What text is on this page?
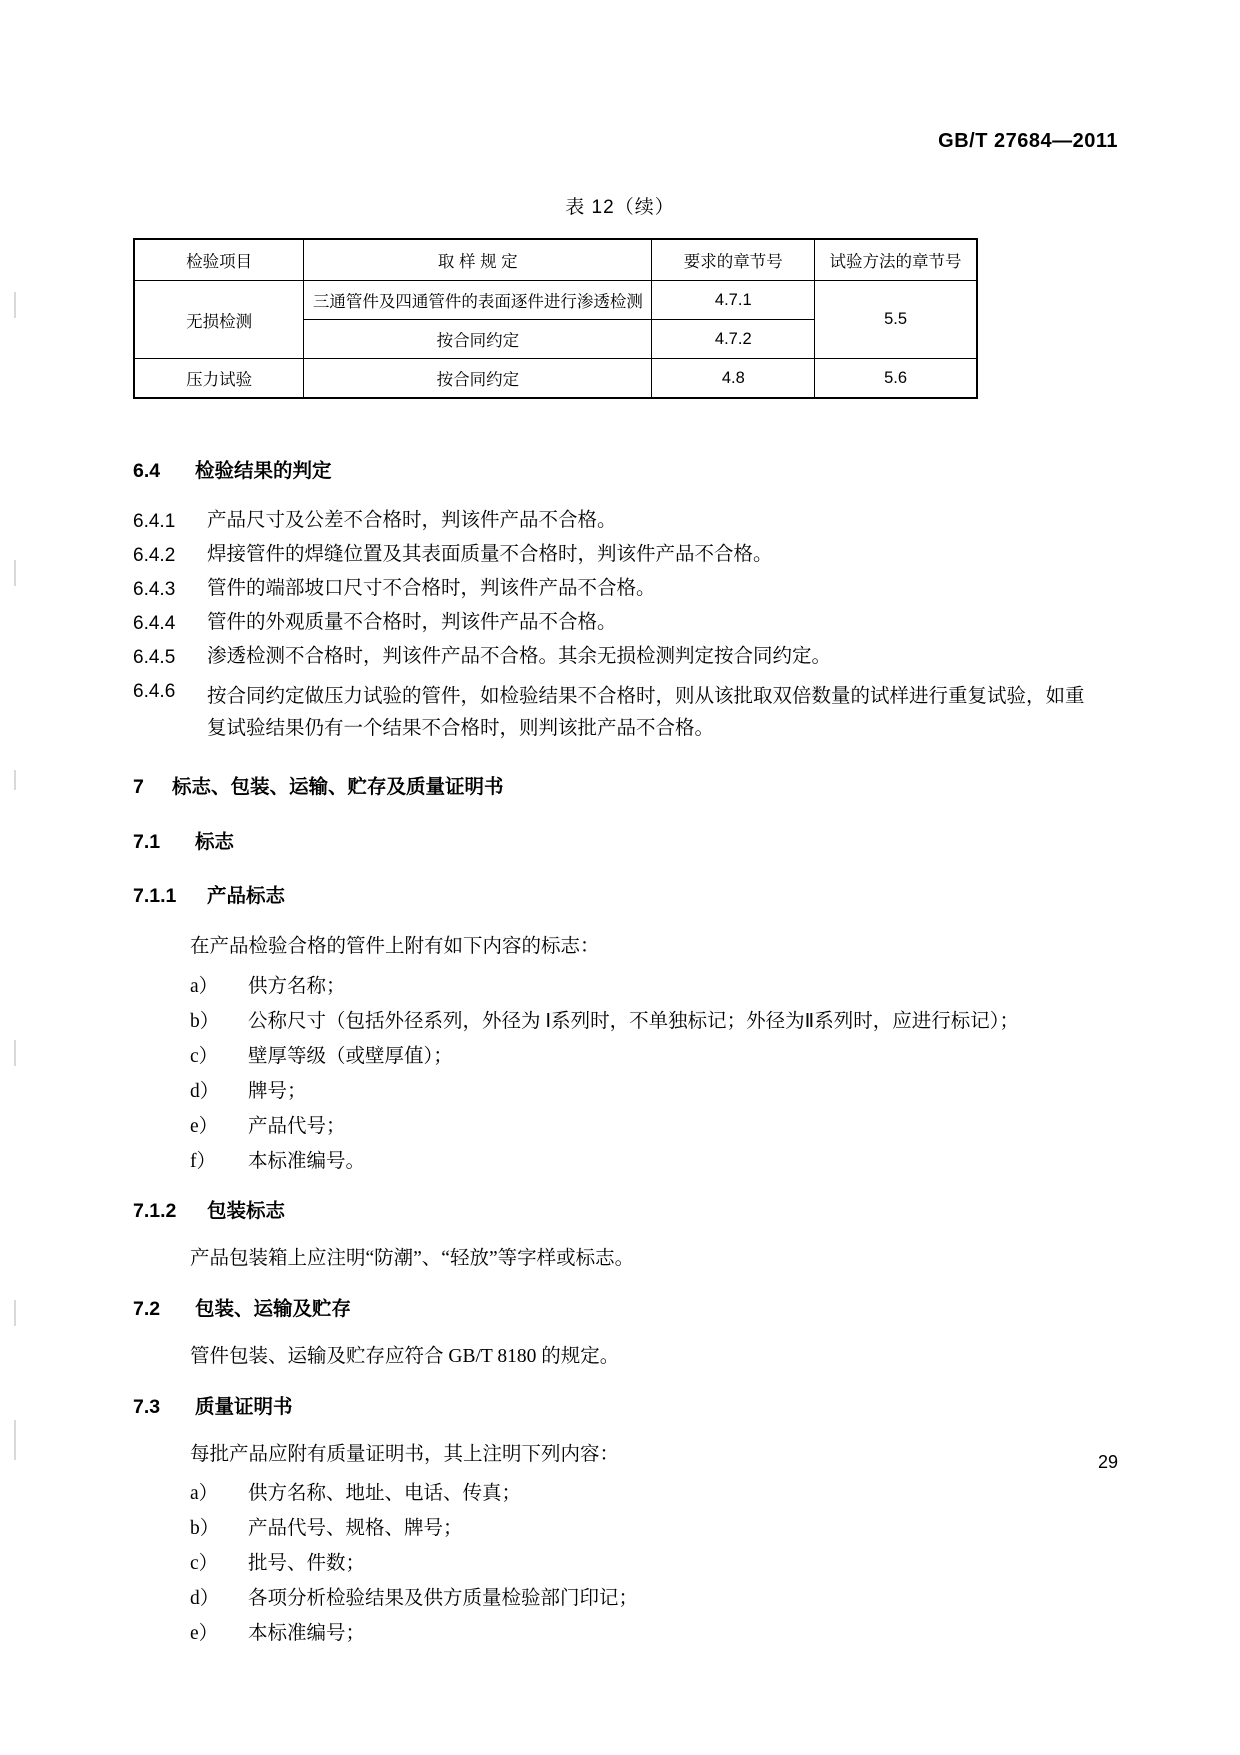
GB/T 27684—2011
表 12（续）
检验项目	取 样 规 定	要求的章节号	试验方法的章节号
无损检测	三通管件及四通管件的表面逐件进行渗透检测	4.7.1	5.5
	按合同约定	4.7.2	
压力试验	按合同约定	4.8	5.6
6.4 检验结果的判定
6.4.1 产品尺寸及公差不合格时，判该件产品不合格。
6.4.2 焊接管件的焊缝位置及其表面质量不合格时，判该件产品不合格。
6.4.3 管件的端部坡口尺寸不合格时，判该件产品不合格。
6.4.4 管件的外观质量不合格时，判该件产品不合格。
6.4.5 渗透检测不合格时，判该件产品不合格。其余无损检测判定按合同约定。
6.4.6 按合同约定做压力试验的管件，如检验结果不合格时，则从该批取双倍数量的试样进行重复试验，如重复试验结果仍有一个结果不合格时，则判该批产品不合格。
7 标志、包装、运输、贮存及质量证明书
7.1 标志
7.1.1 产品标志
在产品检验合格的管件上附有如下内容的标志：
a） 供方名称；
b） 公称尺寸（包括外径系列，外径为 Ⅰ系列时，不单独标记；外径为Ⅱ系列时，应进行标记）；
c） 壁厚等级（或壁厚值）；
d） 牌号；
e） 产品代号；
f） 本标准编号。
7.1.2 包装标志
产品包装箱上应注明“防潮”、“轻放”等字样或标志。
7.2 包装、运输及贮存
管件包装、运输及贮存应符合 GB/T 8180 的规定。
7.3 质量证明书
每批产品应附有质量证明书，其上注明下列内容：
a） 供方名称、地址、电话、传真；
b） 产品代号、规格、牌号；
c） 批号、件数；
d） 各项分析检验结果及供方质量检验部门印记；
e） 本标准编号；
29
